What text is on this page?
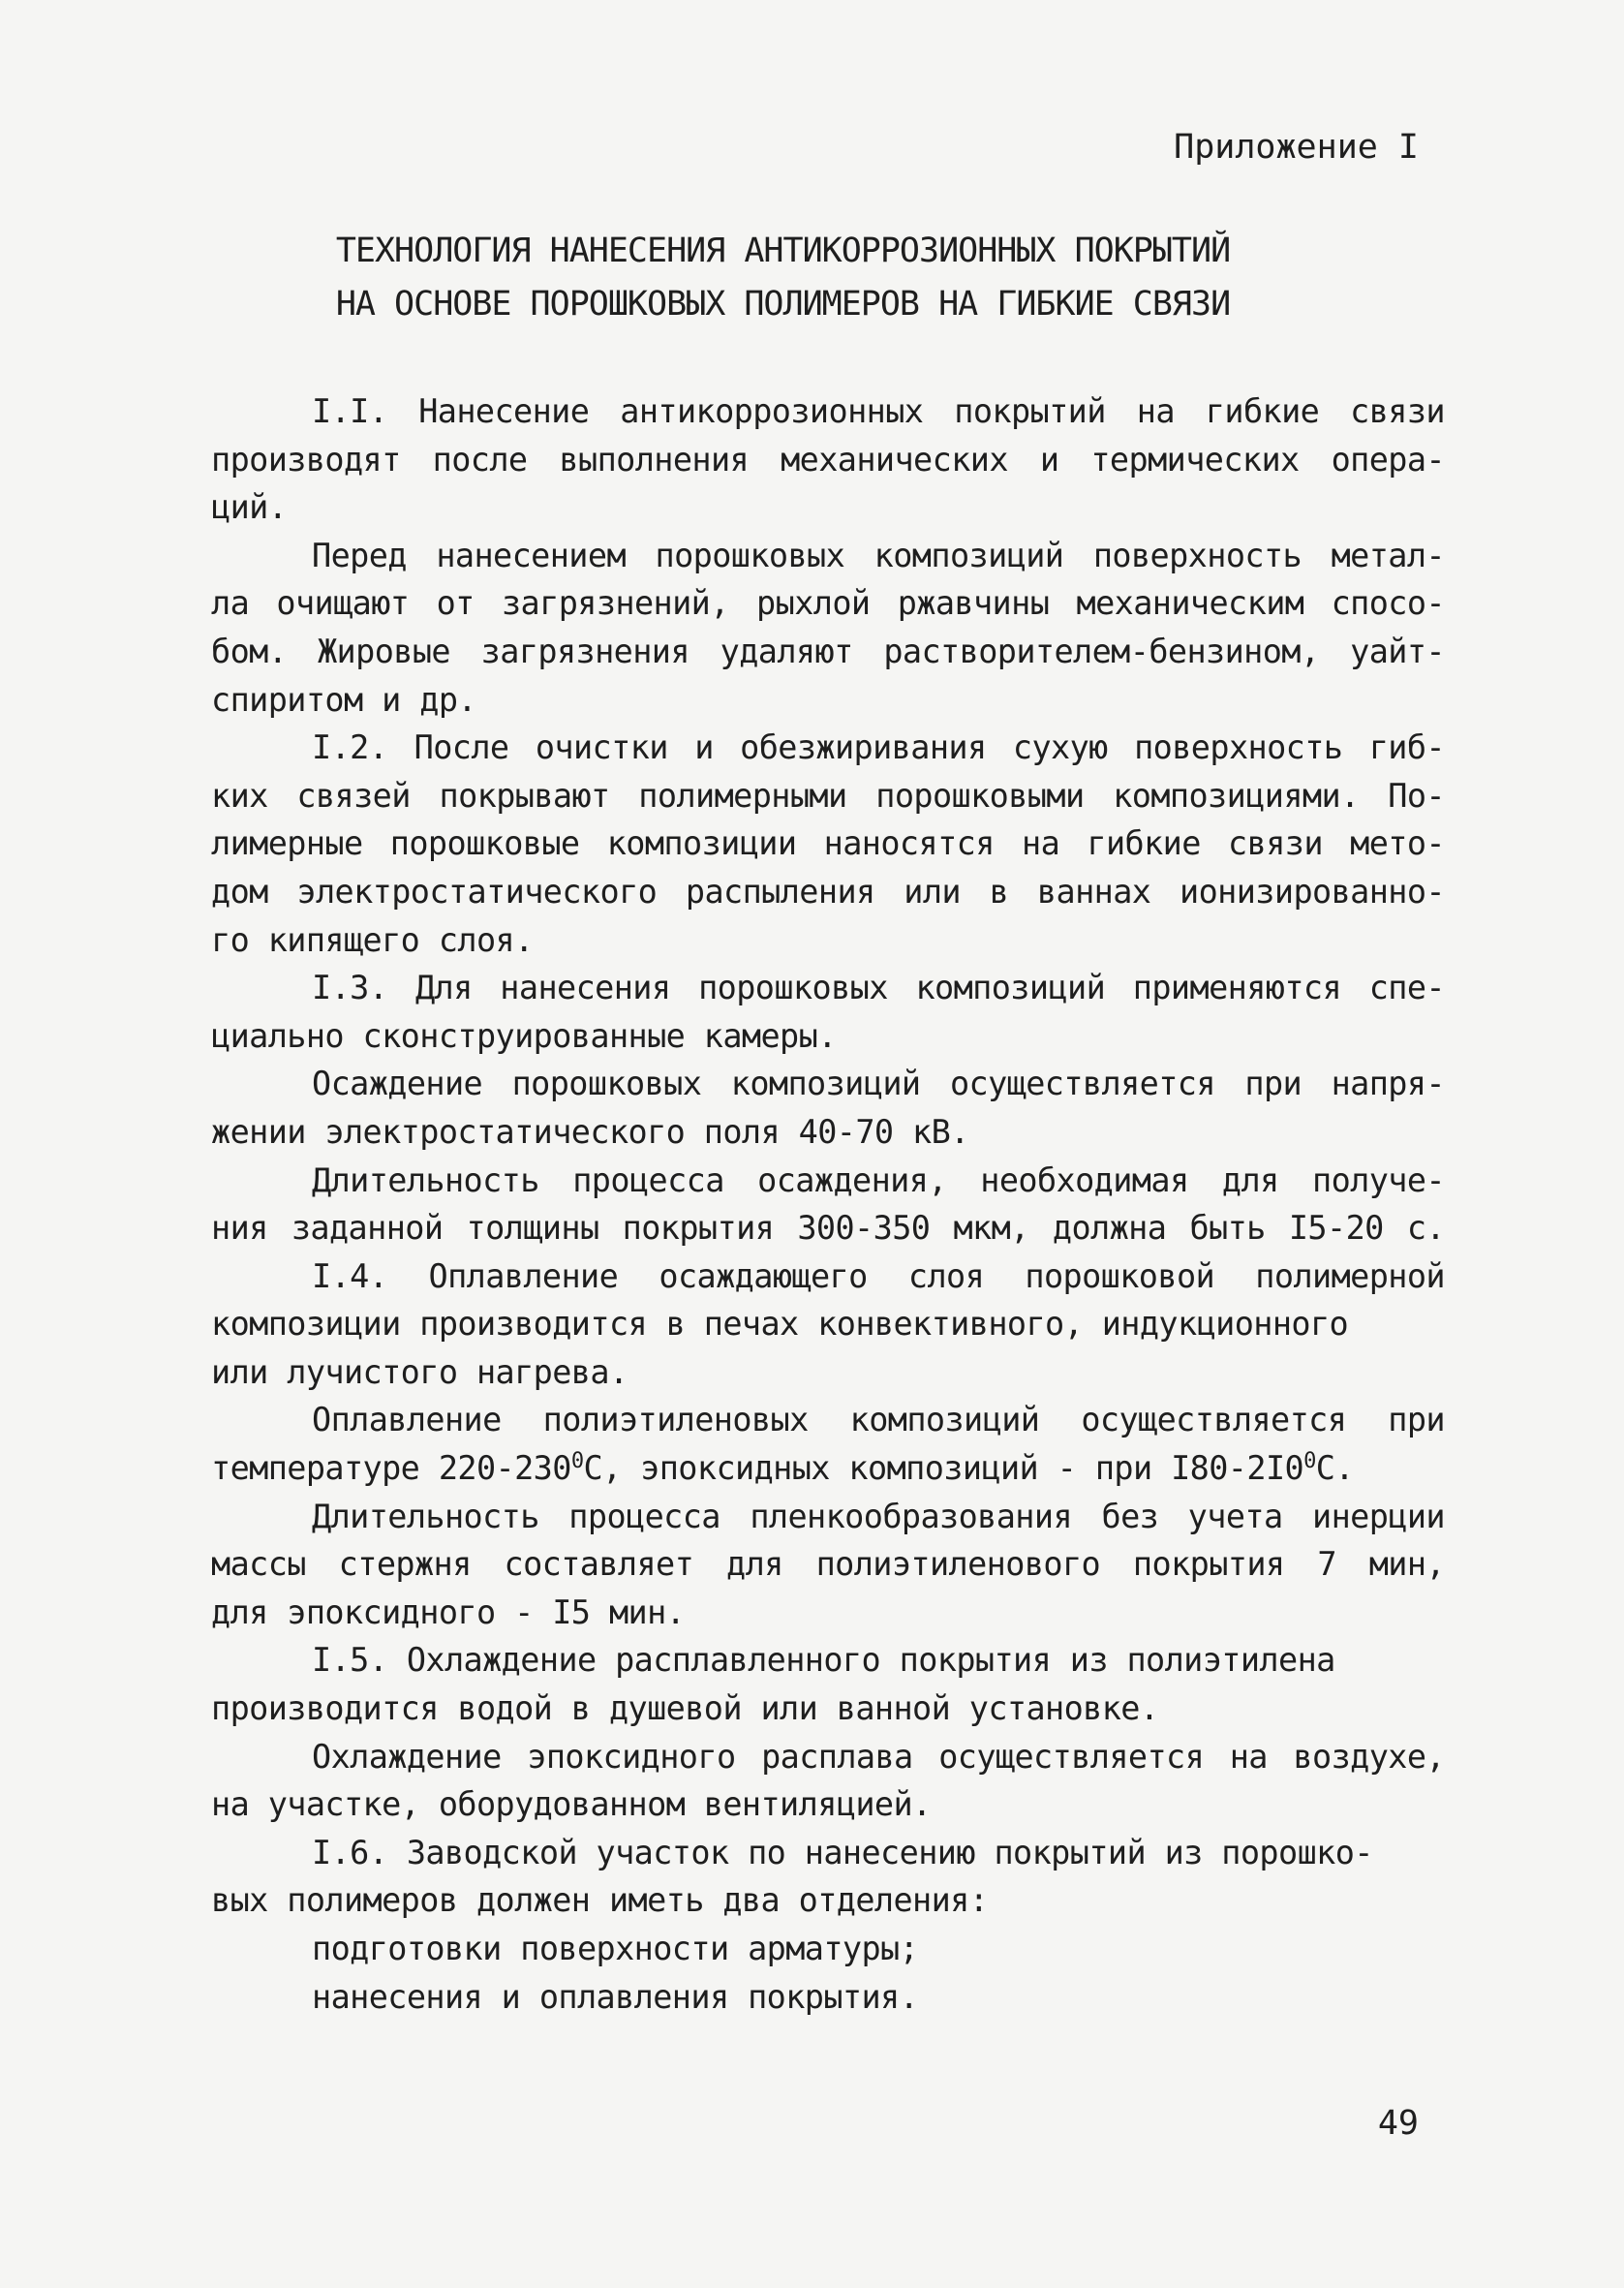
Приложение I
ТЕХНОЛОГИЯ НАНЕСЕНИЯ АНТИКОРРОЗИОННЫХ ПОКРЫТИЙ
НА ОСНОВЕ ПОРОШКОВЫХ ПОЛИМЕРОВ НА ГИБКИЕ СВЯЗИ
I.I. Нанесение антикоррозионных покрытий на гибкие связи
производят после выполнения механических и термических опера-
ций.
Перед нанесением порошковых композиций поверхность метал-
ла очищают от загрязнений, рыхлой ржавчины механическим спосо-
бом. Жировые загрязнения удаляют растворителем-бензином, уайт-
спиритом и др.
I.2. После очистки и обезжиривания сухую поверхность гиб-
ких связей покрывают полимерными порошковыми композициями. По-
лимерные порошковые композиции наносятся на гибкие связи мето-
дом электростатического распыления или в ваннах ионизированно-
го кипящего слоя.
I.3. Для нанесения порошковых композиций применяются спе-
циально сконструированные камеры.
Осаждение порошковых композиций осуществляется при напря-
жении электростатического поля 40-70 кВ.
Длительность процесса осаждения, необходимая для получе-
ния заданной толщины покрытия 300-350 мкм, должна быть I5-20 с.
I.4. Оплавление осаждающего слоя порошковой полимерной
композиции производится в печах конвективного, индукционного
или лучистого нагрева.
Оплавление полиэтиленовых композиций осуществляется при
температуре $220-230^0С$, эпоксидных композиций - при $I80-2I0^0С$.
Длительность процесса пленкообразования без учета инерции
массы стержня составляет для полиэтиленового покрытия 7 мин,
для эпоксидного - I5 мин.
I.5. Охлаждение расплавленного покрытия из полиэтилена
производится водой в душевой или ванной установке.
Охлаждение эпоксидного расплава осуществляется на воздухе,
на участке, оборудованном вентиляцией.
I.6. Заводской участок по нанесению покрытий из порошко-
вых полимеров должен иметь два отделения:
подготовки поверхности арматуры;
нанесения и оплавления покрытия.
49
